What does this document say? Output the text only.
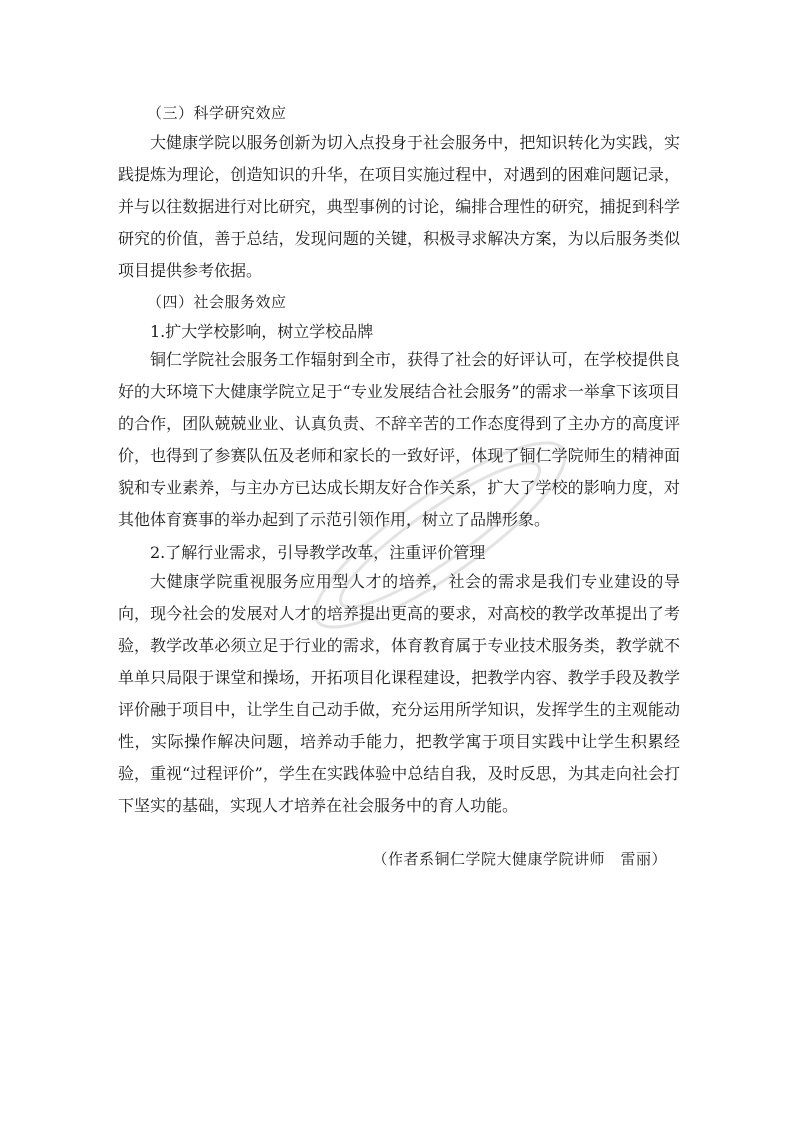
（三）科学研究效应
大健康学院以服务创新为切入点投身于社会服务中，把知识转化为实践，实践提炼为理论，创造知识的升华，在项目实施过程中，对遇到的困难问题记录，并与以往数据进行对比研究，典型事例的讨论，编排合理性的研究，捕捉到科学研究的价值，善于总结，发现问题的关键，积极寻求解决方案，为以后服务类似项目提供参考依据。
（四）社会服务效应
1.扩大学校影响，树立学校品牌
铜仁学院社会服务工作辐射到全市，获得了社会的好评认可，在学校提供良好的大环境下大健康学院立足于“专业发展结合社会服务”的需求一举拿下该项目的合作，团队兢兢业业、认真负责、不辞辛苦的工作态度得到了主办方的高度评价，也得到了参赛队伍及老师和家长的一致好评，体现了铜仁学院师生的精神面貌和专业素养，与主办方已达成长期友好合作关系，扩大了学校的影响力度，对其他体育赛事的举办起到了示范引领作用，树立了品牌形象。
2.了解行业需求，引导教学改革，注重评价管理
大健康学院重视服务应用型人才的培养，社会的需求是我们专业建设的导向，现今社会的发展对人才的培养提出更高的要求，对高校的教学改革提出了考验，教学改革必须立足于行业的需求，体育教育属于专业技术服务类，教学就不单单只局限于课堂和操场，开拓项目化课程建设，把教学内容、教学手段及教学评价融于项目中，让学生自己动手做，充分运用所学知识，发挥学生的主观能动性，实际操作解决问题，培养动手能力，把教学寓于项目实践中让学生积累经验，重视“过程评价”，学生在实践体验中总结自我，及时反思，为其走向社会打下坚实的基础，实现人才培养在社会服务中的育人功能。
（作者系铜仁学院大健康学院讲师　雷丽）
